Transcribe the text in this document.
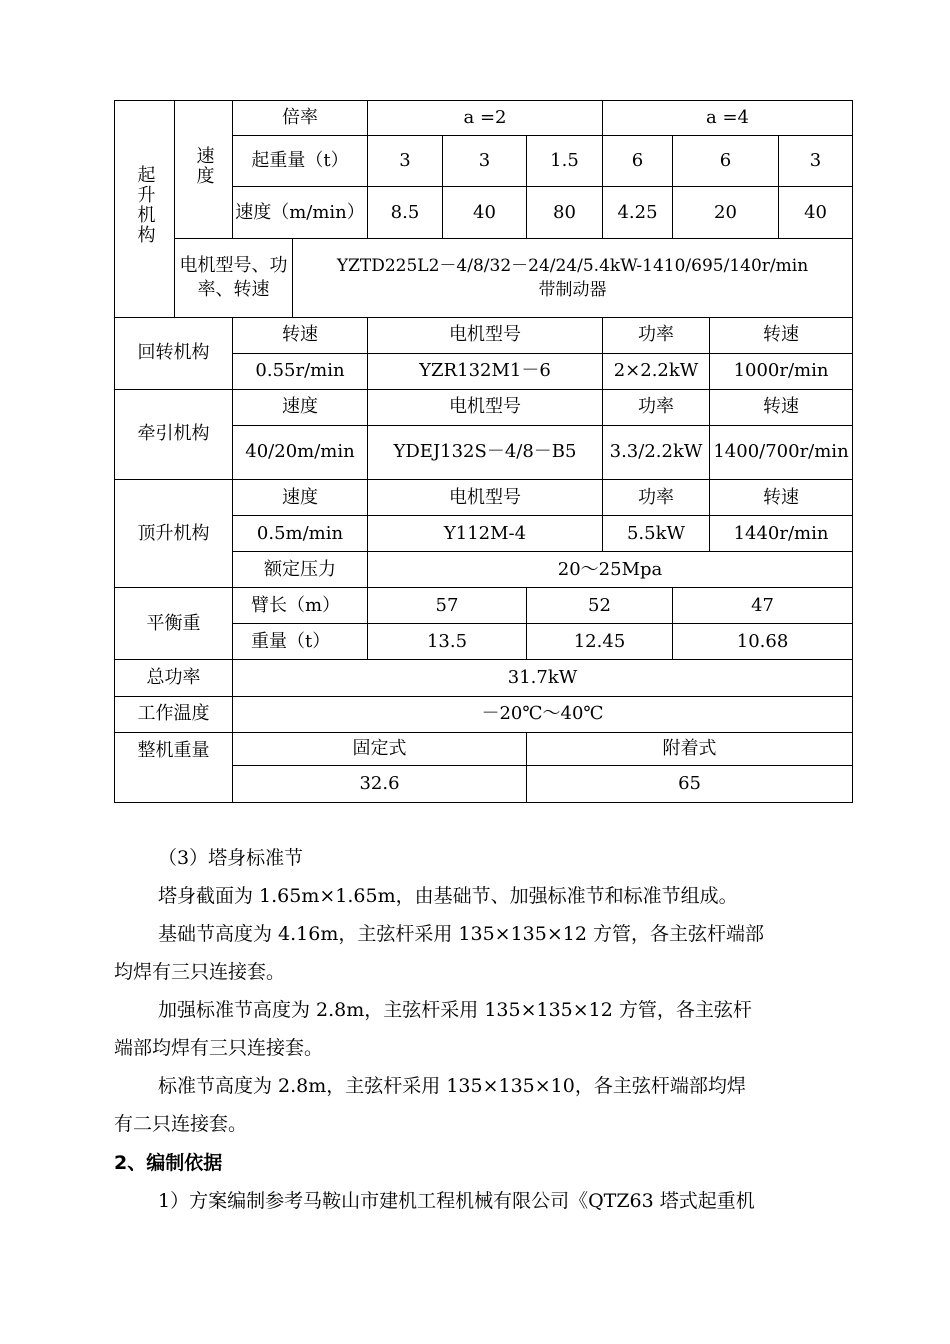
起升机构	速度	倍率		a =2			a =4			
		起重量（t）		3	3	1.5	6	6		3
		速度（m/min）		8.5	40	80	4.25	20		40
	电机型号、功率、转速		YZTD225L2－4/8/32－24/24/5.4kW-1410/695/140r/min
带制动器							

回转机构		转速		电机型号			功率		转速	
		0.55r/min		YZR132M1－6			2×2.2kW		1000r/min	
牵引机构		速度		电机型号			功率		转速	
		40/20m/min		YDEJ132S－4/8－B5			3.3/2.2kW		1400/700r/min	
顶升机构		速度		电机型号			功率		转速	
		0.5m/min		Y112M-4			5.5kW		1440r/min	
		额定压力		20～25Mpa						
平衡重		臂长（m）		57		52		47		
		重量（t）		13.5		12.45		10.68		
总功率		31.7kW								
工作温度		－20℃～40℃								
整机重量		固定式				附着式				
		32.6				65				
（3）塔身标准节
塔身截面为 1.65m×1.65m，由基础节、加强标准节和标准节组成。
基础节高度为 4.16m，主弦杆采用 135×135×12 方管，各主弦杆端部
均焊有三只连接套。
加强标准节高度为 2.8m，主弦杆采用 135×135×12 方管，各主弦杆
端部均焊有三只连接套。
标准节高度为 2.8m，主弦杆采用 135×135×10，各主弦杆端部均焊
有二只连接套。
2、编制依据
1）方案编制参考马鞍山市建机工程机械有限公司《QTZ63 塔式起重机
